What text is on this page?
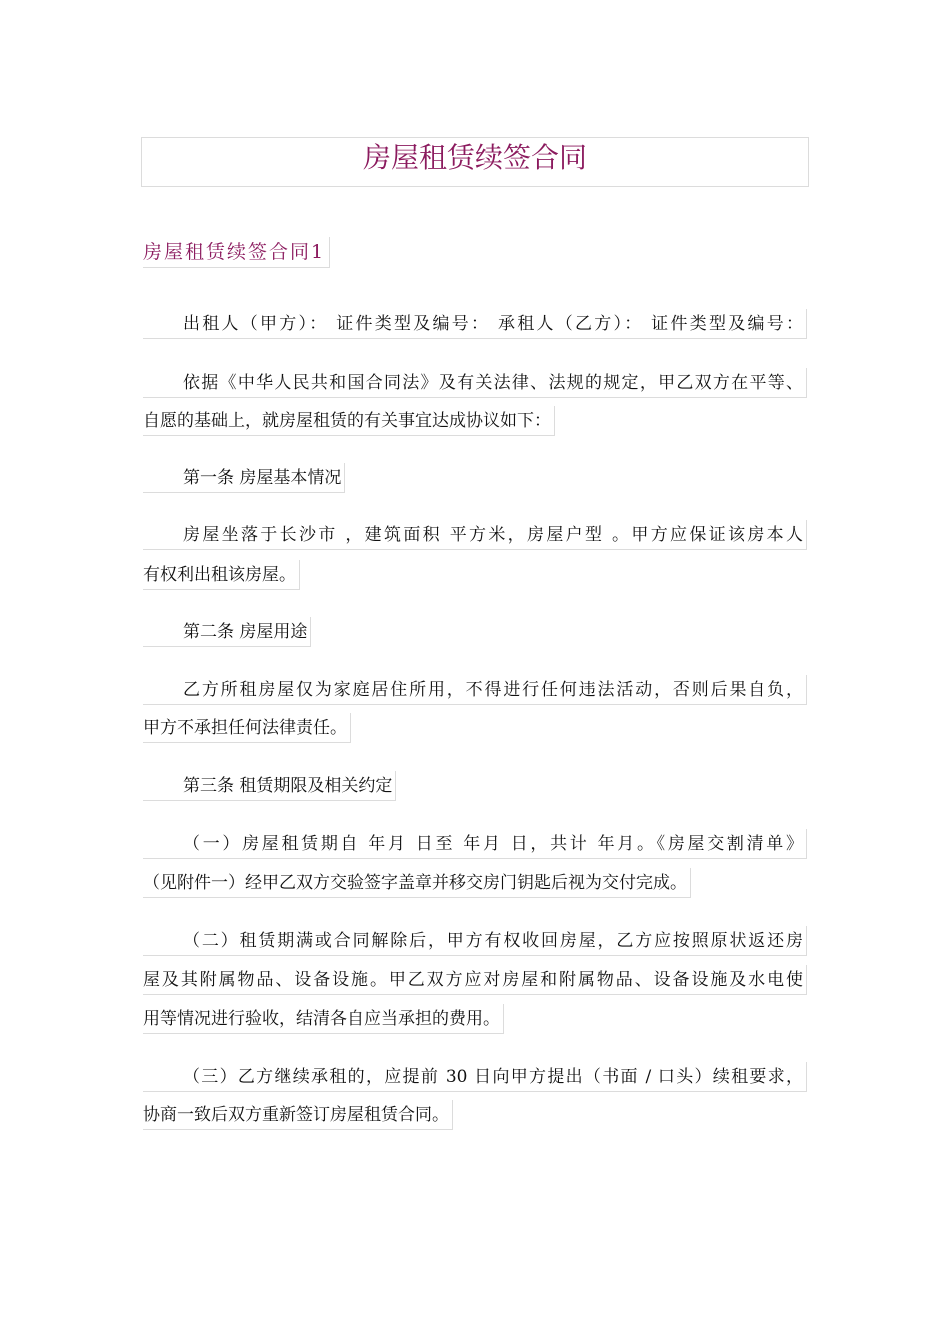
房屋租赁续签合同
房屋租赁续签合同1
出租人（甲方）： 证件类型及编号： 承租人（乙方）： 证件类型及编号：
依据《中华人民共和国合同法》及有关法律、法规的规定，甲乙双方在平等、
自愿的基础上，就房屋租赁的有关事宜达成协议如下：
第一条 房屋基本情况
房屋坐落于长沙市 ，建筑面积 平方米，房屋户型 。甲方应保证该房本人
有权利出租该房屋。
第二条 房屋用途
乙方所租房屋仅为家庭居住所用，不得进行任何违法活动，否则后果自负，
甲方不承担任何法律责任。
第三条 租赁期限及相关约定
（一）房屋租赁期自 年月 日至 年月 日，共计 年月。《房屋交割清单》
（见附件一）经甲乙双方交验签字盖章并移交房门钥匙后视为交付完成。
（二）租赁期满或合同解除后，甲方有权收回房屋，乙方应按照原状返还房
屋及其附属物品、设备设施。甲乙双方应对房屋和附属物品、设备设施及水电使
用等情况进行验收，结清各自应当承担的费用。
（三）乙方继续承租的，应提前 30 日向甲方提出（书面 / 口头）续租要求，
协商一致后双方重新签订房屋租赁合同。
